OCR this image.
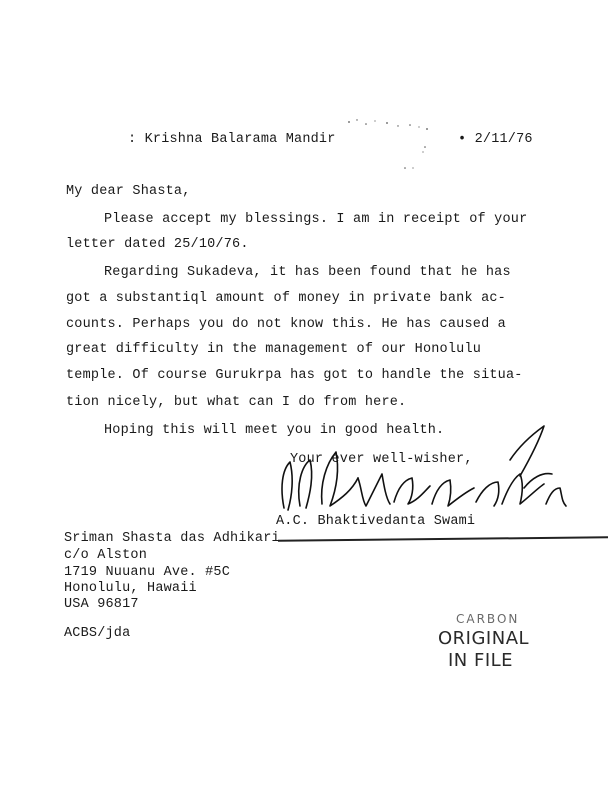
: Krishna Balarama Mandir	• 2/11/76
My dear Shasta,
Please accept my blessings. I am in receipt of your
letter dated 25/10/76.
Regarding Sukadeva, it has been found that he has
got a substantiql amount of money in private bank ac-
counts. Perhaps you do not know this. He has caused a
great difficulty in the management of our Honolulu
temple. Of course Gurukrpa has got to handle the situa-
tion nicely, but what can I do from here.
Hoping this will meet you in good health.
Your ever well-wisher,
A.C. Bhaktivedanta Swami
Sriman Shasta das Adhikari
c/o Alston
1719 Nuuanu Ave. #5C
Honolulu, Hawaii
USA 96817
ACBS/jda
CARBON
ORIGINAL
IN FILE
